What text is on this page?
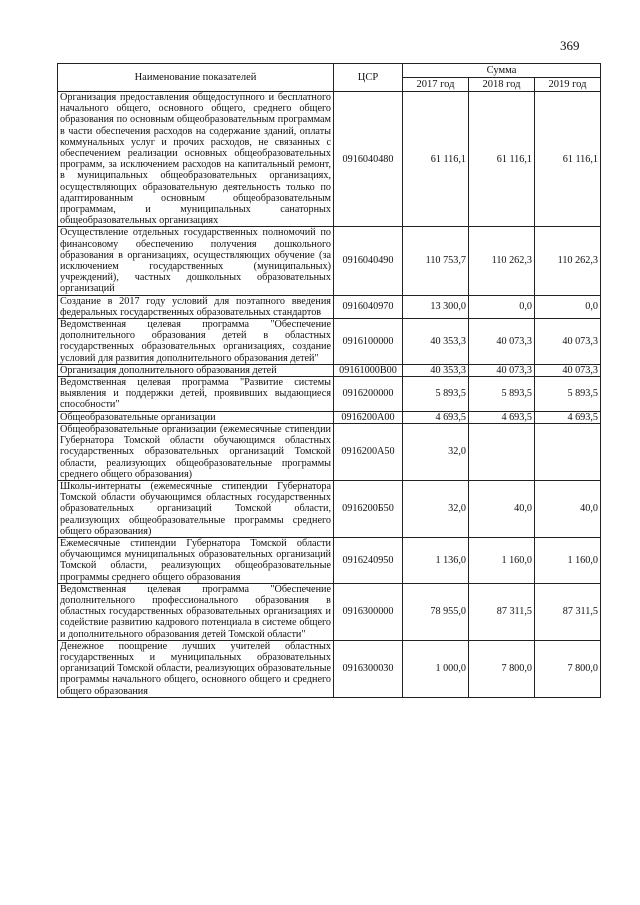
369
Наименование показателей	ЦСР	Сумма		
		2017 год	2018 год	2019 год
Организация предоставления общедоступного и бесплатного начального общего, основного общего, среднего общего образования по основным общеобразовательным программам в части обеспечения расходов на содержание зданий, оплаты коммунальных услуг и прочих расходов, не связанных с обеспечением реализации основных общеобразовательных программ, за исключением расходов на капитальный ремонт, в муниципальных общеобразовательных организациях, осуществляющих образовательную деятельность только по адаптированным основным общеобразовательным программам, и муниципальных санаторных общеобразовательных организациях	0916040480	61 116,1	61 116,1	61 116,1
Осуществление отдельных государственных полномочий по финансовому обеспечению получения дошкольного образования в организациях, осуществляющих обучение (за исключением государственных (муниципальных) учреждений), частных дошкольных образовательных организаций	0916040490	110 753,7	110 262,3	110 262,3
Создание в 2017 году условий для поэтапного введения федеральных государственных образовательных стандартов	0916040970	13 300,0	0,0	0,0
Ведомственная целевая программа "Обеспечение дополнительного образования детей в областных государственных образовательных организациях, создание условий для развития дополнительного образования детей"	0916100000	40 353,3	40 073,3	40 073,3
Организация дополнительного образования детей	09161000В00	40 353,3	40 073,3	40 073,3
Ведомственная целевая программа "Развитие системы выявления и поддержки детей, проявивших выдающиеся способности"	0916200000	5 893,5	5 893,5	5 893,5
Общеобразовательные организации	0916200А00	4 693,5	4 693,5	4 693,5
Общеобразовательные организации (ежемесячные стипендии Губернатора Томской области обучающимся областных государственных образовательных организаций Томской области, реализующих общеобразовательные программы среднего общего образования)	0916200А50	32,0		
Школы-интернаты (ежемесячные стипендии Губернатора Томской области обучающимся областных государственных образовательных организаций Томской области, реализующих общеобразовательные программы среднего общего образования)	0916200Б50	32,0	40,0	40,0
Ежемесячные стипендии Губернатора Томской области обучающимся муниципальных образовательных организаций Томской области, реализующих общеобразовательные программы среднего общего образования	0916240950	1 136,0	1 160,0	1 160,0
Ведомственная целевая программа "Обеспечение дополнительного профессионального образования в областных государственных образовательных организациях и содействие развитию кадрового потенциала в системе общего и дополнительного образования детей Томской области"	0916300000	78 955,0	87 311,5	87 311,5
Денежное поощрение лучших учителей областных государственных и муниципальных образовательных организаций Томской области, реализующих образовательные программы начального общего, основного общего и среднего общего образования	0916300030	1 000,0	7 800,0	7 800,0
